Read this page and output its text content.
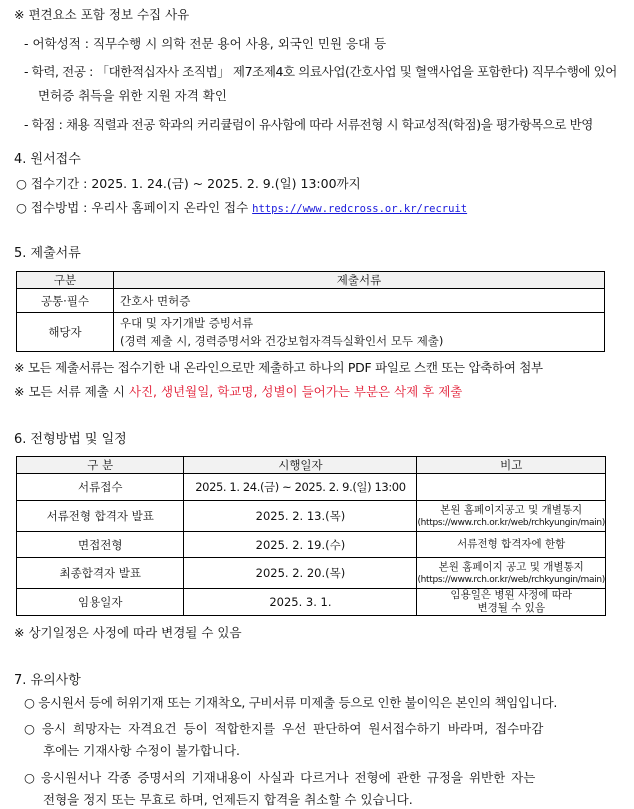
※ 편견요소 포함 정보 수집 사유
- 어학성적 : 직무수행 시 의학 전문 용어 사용, 외국인 민원 응대 등
- 학력, 전공 : 「대한적십자사 조직법」 제7조제4호 의료사업(간호사업 및 혈액사업을 포함한다) 직무수행에 있어
면허증 취득을 위한 지원 자격 확인
- 학점 : 채용 직렬과 전공 학과의 커리큘럼이 유사함에 따라 서류전형 시 학교성적(학점)을 평가항목으로 반영
4. 원서접수
○ 접수기간 : 2025. 1. 24.(금) ~ 2025. 2. 9.(일) 13:00까지
○ 접수방법 : 우리사 홈페이지 온라인 접수 https://www.redcross.or.kr/recruit
5. 제출서류
구분	제출서류
공통·필수	간호사 면허증
해당자	우대 및 자기개발 증빙서류
(경력 제출 시, 경력증명서와 건강보험자격득실확인서 모두 제출)
※ 모든 제출서류는 접수기한 내 온라인으로만 제출하고 하나의 PDF 파일로 스캔 또는 압축하여 첨부
※ 모든 서류 제출 시 사진, 생년월일, 학교명, 성별이 들어가는 부분은 삭제 후 제출
6. 전형방법 및 일정
구 분	시행일자	비고
서류접수	2025. 1. 24.(금) ~ 2025. 2. 9.(일) 13:00	
서류전형 합격자 발표	2025. 2. 13.(목)	본원 홈페이지공고 및 개별통지
(https://www.rch.or.kr/web/rchkyungin/main)

면접전형	2025. 2. 19.(수)	서류전형 합격자에 한함
최종합격자 발표	2025. 2. 20.(목)	본원 홈페이지 공고 및 개별통지
(https://www.rch.or.kr/web/rchkyungin/main)

임용일자	2025. 3. 1.	임용일은 병원 사정에 따라
변경될 수 있음
※ 상기일정은 사정에 따라 변경될 수 있음
7. 유의사항
○ 응시원서 등에 허위기재 또는 기재착오, 구비서류 미제출 등으로 인한 불이익은 본인의 책임입니다.
○ 응시 희망자는 자격요건 등이 적합한지를 우선 판단하여 원서접수하기 바라며, 접수마감
후에는 기재사항 수정이 불가합니다.
○ 응시원서나 각종 증명서의 기재내용이 사실과 다르거나 전형에 관한 규정을 위반한 자는
전형을 정지 또는 무효로 하며, 언제든지 합격을 취소할 수 있습니다.
